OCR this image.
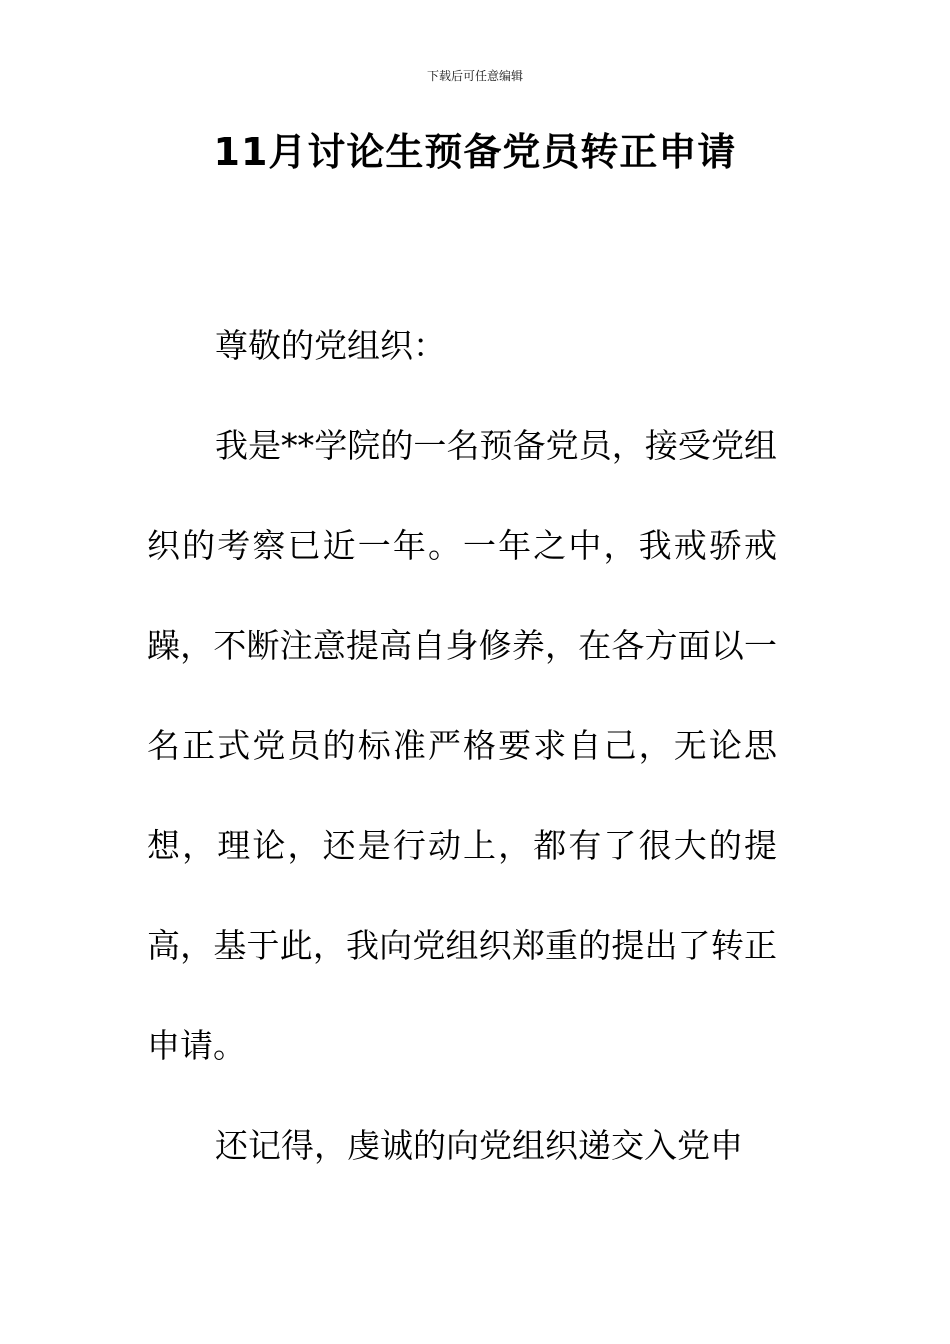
下载后可任意编辑
11月讨论生预备党员转正申请

尊敬的党组织：

我是**学院的一名预备党员，接受党组织的考察已近一年。一年之中，我戒骄戒躁，不断注意提高自身修养，在各方面以一名正式党员的标准严格要求自己，无论思想，理论，还是行动上，都有了很大的提高，基于此，我向党组织郑重的提出了转正申请。

还记得，虔诚的向党组织递交入党申
